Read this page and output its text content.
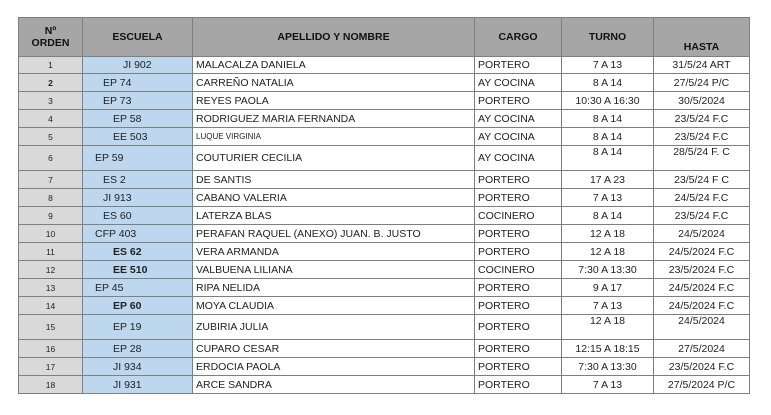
Nº
ORDEN	ESCUELA	APELLIDO Y NOMBRE	CARGO	TURNO	HASTA
1	JI 902	MALACALZA DANIELA	PORTERO	7 A 13	31/5/24 ART
2	EP 74	CARREÑO NATALIA	AY COCINA	8 A 14	27/5/24 P/C
3	EP 73	REYES PAOLA	PORTERO	10:30 A 16:30	30/5/2024
4	EP 58	RODRIGUEZ MARIA FERNANDA	AY COCINA	8 A 14	23/5/24 F.C
5	EE 503	LUQUE VIRGINIA	AY COCINA	8 A 14	23/5/24 F.C
6	EP 59	COUTURIER CECILIA	AY COCINA	8 A 14	28/5/24 F. C
7	ES 2	DE SANTIS	PORTERO	17 A 23	23/5/24 F C
8	JI 913	CABANO VALERIA	PORTERO	7 A 13	24/5/24 F.C
9	ES 60	LATERZA BLAS	COCINERO	8 A 14	23/5/24 F.C
10	CFP 403	PERAFAN RAQUEL (ANEXO) JUAN. B. JUSTO	PORTERO	12 A 18	24/5/2024
11	ES 62	VERA ARMANDA	PORTERO	12 A 18	24/5/2024 F.C
12	EE 510	VALBUENA LILIANA	COCINERO	7:30 A 13:30	23/5/2024 F.C
13	EP 45	RIPA NELIDA	PORTERO	9 A 17	24/5/2024 F.C
14	EP 60	MOYA CLAUDIA	PORTERO	7 A 13	24/5/2024 F.C
15	EP 19	ZUBIRIA JULIA	PORTERO	12 A 18	24/5/2024
16	EP 28	CUPARO CESAR	PORTERO	12:15 A 18:15	27/5/2024
17	JI 934	ERDOCIA PAOLA	PORTERO	7:30 A 13:30	23/5/2024 F.C
18	JI 931	ARCE SANDRA	PORTERO	7 A 13	27/5/2024 P/C
